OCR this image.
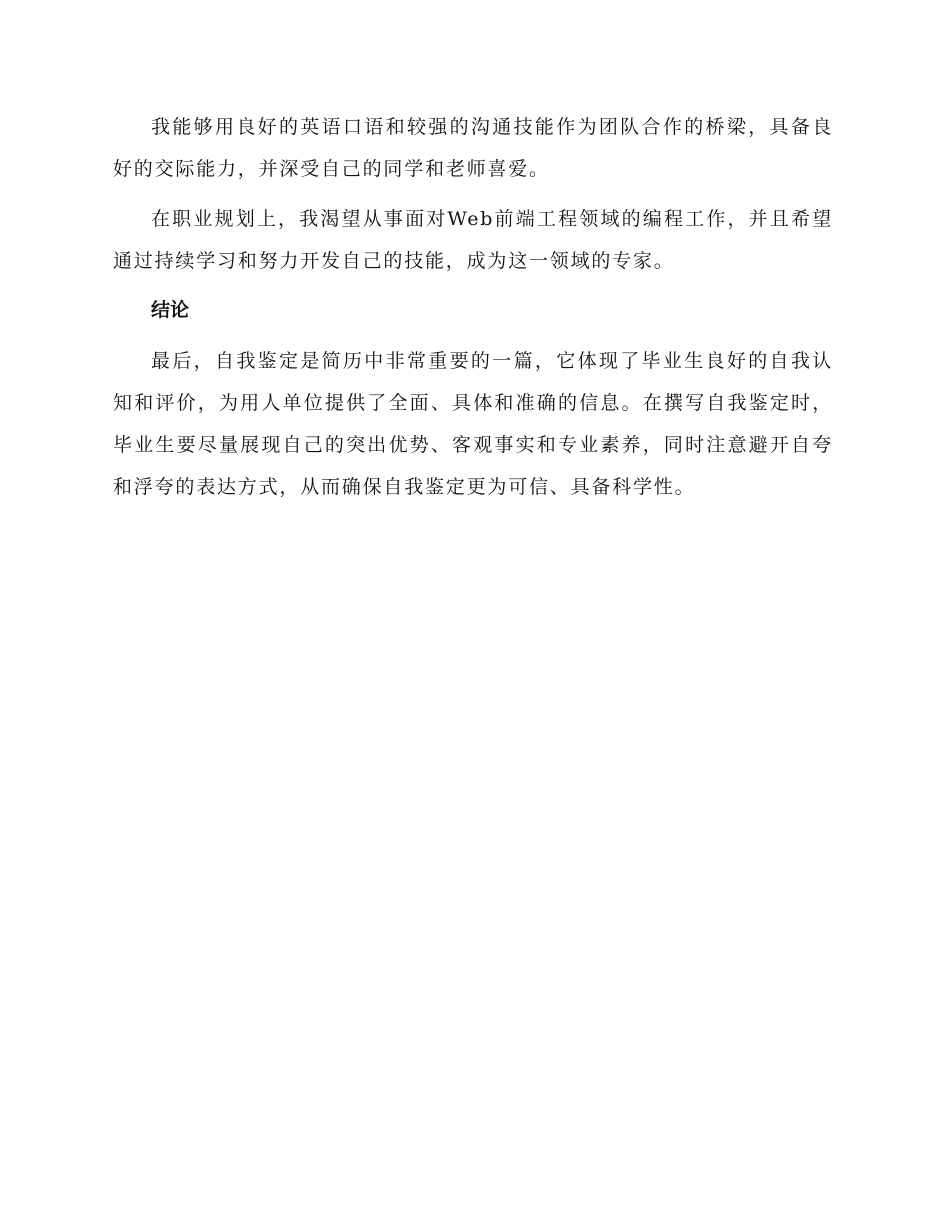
我能够用良好的英语口语和较强的沟通技能作为团队合作的桥梁，具备良好的交际能力，并深受自己的同学和老师喜爱。

在职业规划上，我渴望从事面对Web前端工程领域的编程工作，并且希望通过持续学习和努力开发自己的技能，成为这一领域的专家。

结论

最后，自我鉴定是简历中非常重要的一篇，它体现了毕业生良好的自我认知和评价，为用人单位提供了全面、具体和准确的信息。在撰写自我鉴定时，毕业生要尽量展现自己的突出优势、客观事实和专业素养，同时注意避开自夸和浮夸的表达方式，从而确保自我鉴定更为可信、具备科学性。
